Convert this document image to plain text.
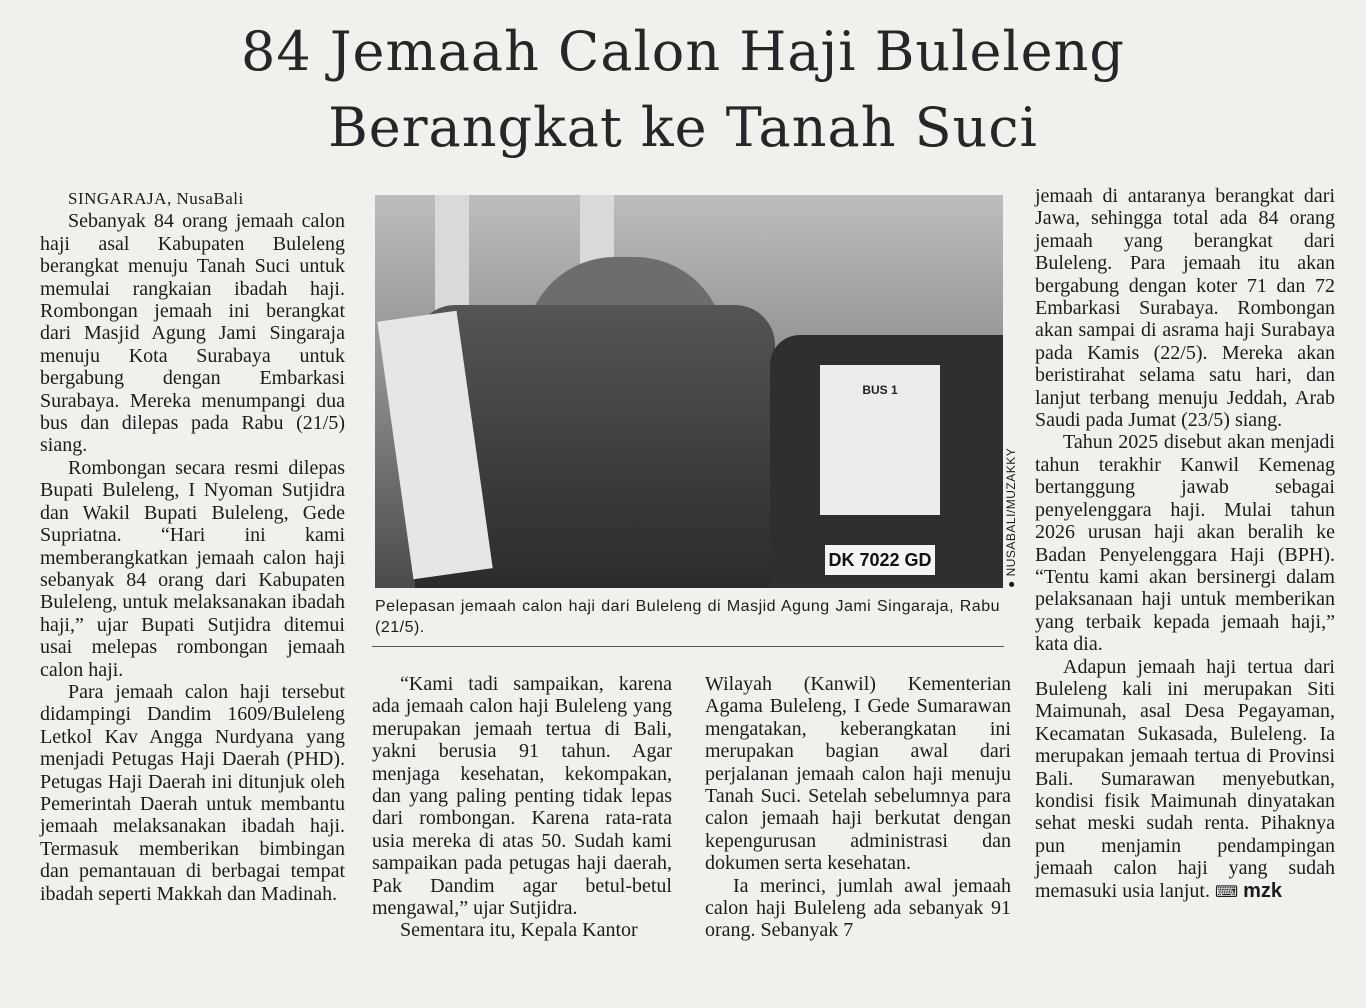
84 Jemaah Calon Haji Buleleng
Berangkat ke Tanah Suci

SINGARAJA, NusaBali

Sebanyak 84 orang jemaah calon haji asal Kabupaten Buleleng berangkat menuju Tanah Suci untuk memulai rangkaian ibadah haji. Rombongan jemaah ini berangkat dari Masjid Agung Jami Singaraja menuju Kota Surabaya untuk bergabung dengan Embarkasi Surabaya. Mereka menumpangi dua bus dan dilepas pada Rabu (21/5) siang.

Rombongan secara resmi dilepas Bupati Buleleng, I Nyoman Sutjidra dan Wakil Bupati Buleleng, Gede Supriatna. “Hari ini kami memberangkatkan jemaah calon haji sebanyak 84 orang dari Kabupaten Buleleng, untuk melaksanakan ibadah haji,” ujar Bupati Sutjidra ditemui usai melepas rombongan jemaah calon haji.

Para jemaah calon haji tersebut didampingi Dandim 1609/Buleleng Letkol Kav Angga Nurdyana yang menjadi Petugas Haji Daerah (PHD). Petugas Haji Daerah ini ditunjuk oleh Pemerintah Daerah untuk membantu jemaah melaksanakan ibadah haji. Termasuk memberikan bimbingan dan pemantauan di berbagai tempat ibadah seperti Makkah dan Madinah.

BUS 1
DK 7022 GD	● NUSABALI/MUZAKKY
Pelepasan jemaah calon haji dari Buleleng di Masjid Agung Jami Singaraja, Rabu (21/5).

“Kami tadi sampaikan, karena ada jemaah calon haji Buleleng yang merupakan jemaah tertua di Bali, yakni berusia 91 tahun. Agar menjaga kesehatan, kekompakan, dan yang paling penting tidak lepas dari rombongan. Karena rata-rata usia mereka di atas 50. Sudah kami sampaikan pada petugas haji daerah, Pak Dandim agar betul-betul mengawal,” ujar Sutjidra.

Sementara itu, Kepala Kantor

Wilayah (Kanwil) Kementerian Agama Buleleng, I Gede Sumarawan mengatakan, keberangkatan ini merupakan bagian awal dari perjalanan jemaah calon haji menuju Tanah Suci. Setelah sebelumnya para calon jemaah haji berkutat dengan kepengurusan administrasi dan dokumen serta kesehatan.

Ia merinci, jumlah awal jemaah calon haji Buleleng ada sebanyak 91 orang. Sebanyak 7

jemaah di antaranya berangkat dari Jawa, sehingga total ada 84 orang jemaah yang berangkat dari Buleleng. Para jemaah itu akan bergabung dengan koter 71 dan 72 Embarkasi Surabaya. Rombongan akan sampai di asrama haji Surabaya pada Kamis (22/5). Mereka akan beristirahat selama satu hari, dan lanjut terbang menuju Jeddah, Arab Saudi pada Jumat (23/5) siang.

Tahun 2025 disebut akan menjadi tahun terakhir Kanwil Kemenag bertanggung jawab sebagai penyelenggara haji. Mulai tahun 2026 urusan haji akan beralih ke Badan Penyelenggara Haji (BPH). “Tentu kami akan bersinergi dalam pelaksanaan haji untuk memberikan yang terbaik kepada jemaah haji,” kata dia.

Adapun jemaah haji tertua dari Buleleng kali ini merupakan Siti Maimunah, asal Desa Pegayaman, Kecamatan Sukasada, Buleleng. Ia merupakan jemaah tertua di Provinsi Bali. Sumarawan menyebutkan, kondisi fisik Maimunah dinyatakan sehat meski sudah renta. Pihaknya pun menjamin pendampingan jemaah calon haji yang sudah memasuki usia lanjut. ⌨ mzk
